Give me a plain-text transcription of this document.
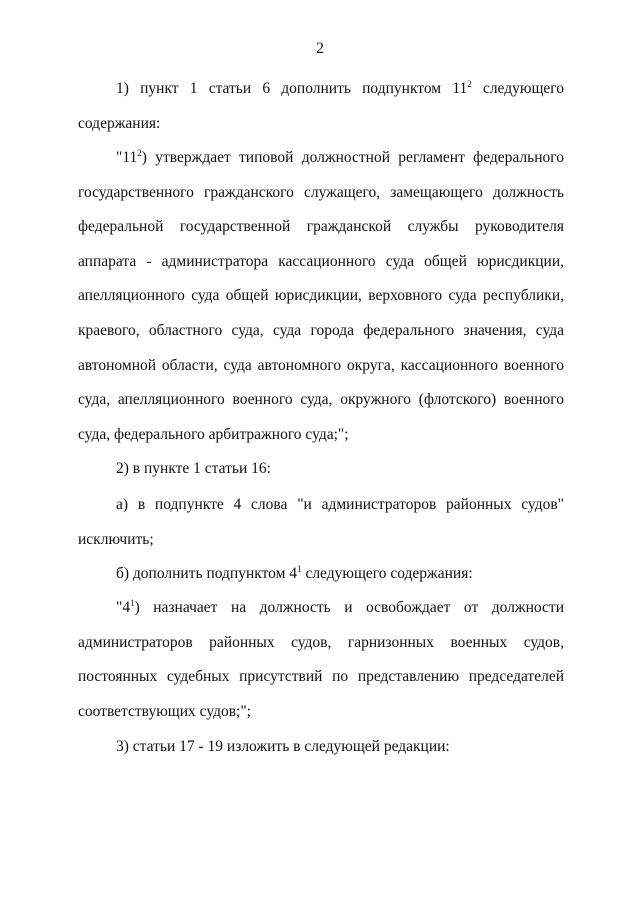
2

1) пункт 1 статьи 6 дополнить подпунктом $11^2$ следующего содержания:

"$11^2$) утверждает типовой должностной регламент федерального государственного гражданского служащего, замещающего должность федеральной государственной гражданской службы руководителя аппарата - администратора кассационного суда общей юрисдикции, апелляционного суда общей юрисдикции, верховного суда республики, краевого, областного суда, суда города федерального значения, суда автономной области, суда автономного округа, кассационного военного суда, апелляционного военного суда, окружного (флотского) военного суда, федерального арбитражного суда;";

2) в пункте 1 статьи 16:

а) в подпункте 4 слова "и администраторов районных судов" исключить;

б) дополнить подпунктом $4^1$ следующего содержания:

"$4^1$) назначает на должность и освобождает от должности администраторов районных судов, гарнизонных военных судов, постоянных судебных присутствий по представлению председателей соответствующих судов;";

3) статьи 17 - 19 изложить в следующей редакции:
